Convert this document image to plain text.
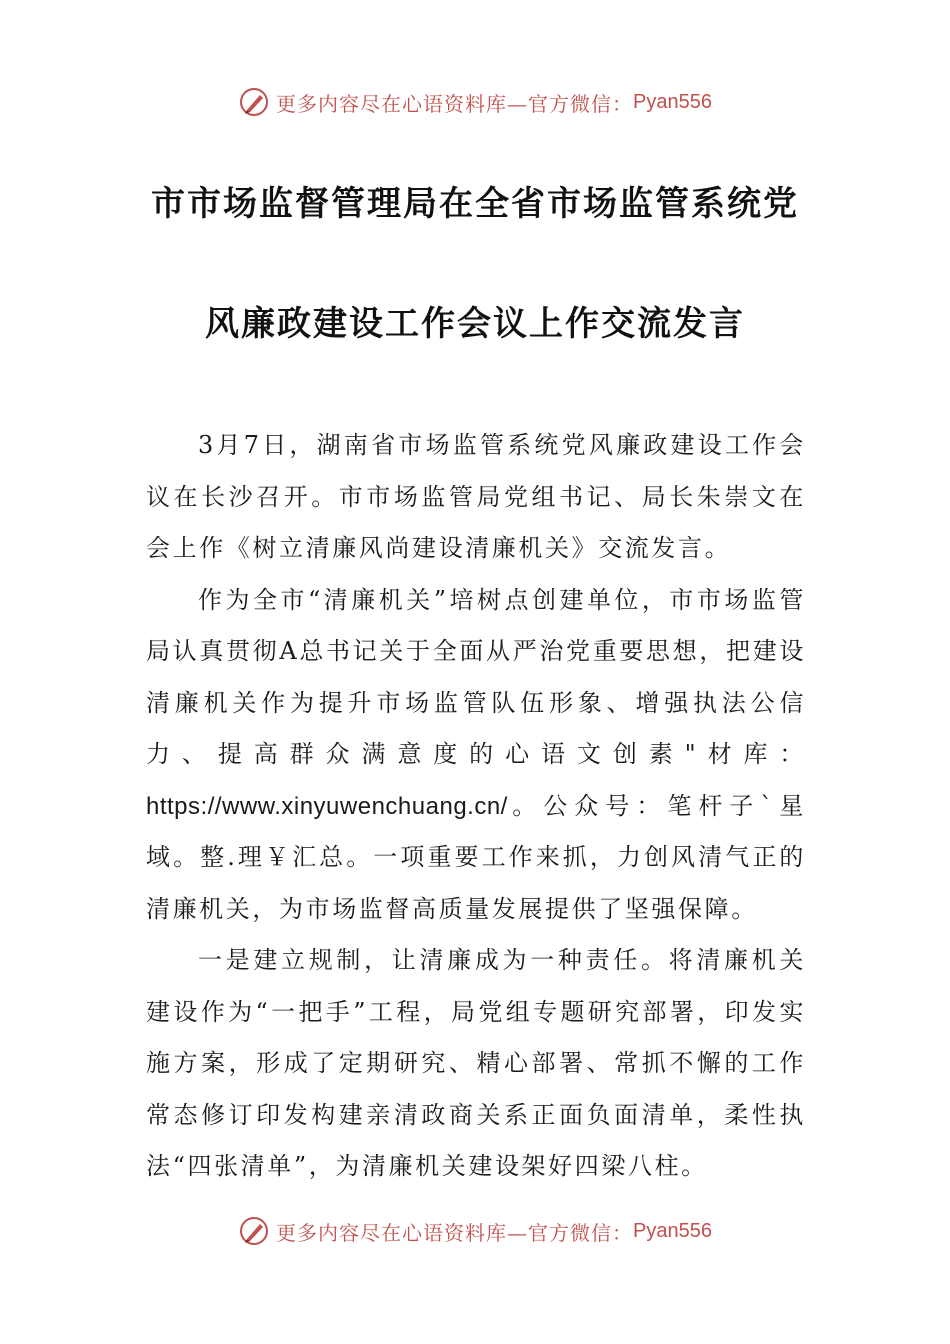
更多内容尽在心语资料库—官方微信： Pyan556
市市场监督管理局在全省市场监管系统党
风廉政建设工作会议上作交流发言

3月7日，湖南省市场监管系统党风廉政建设工作会议在长沙召开。市市场监管局党组书记、局长朱崇文在会上作《树立清廉风尚建设清廉机关》交流发言。

作为全市“清廉机关”培树点创建单位，市市场监管局认真贯彻A总书记关于全面从严治党重要思想，把建设清廉机关作为提升市场监管队伍形象、增强执法公信力、提高群众满意度的心语文创素"材库：https://www.xinyuwenchuang.cn/。公众号：笔杆子`星域。整.理￥汇总。一项重要工作来抓，力创风清气正的清廉机关，为市场监督高质量发展提供了坚强保障。

一是建立规制，让清廉成为一种责任。将清廉机关建设作为“一把手”工程，局党组专题研究部署，印发实施方案，形成了定期研究、精心部署、常抓不懈的工作常态修订印发构建亲清政商关系正面负面清单，柔性执法“四张清单”，为清廉机关建设架好四梁八柱。

更多内容尽在心语资料库—官方微信： Pyan556
